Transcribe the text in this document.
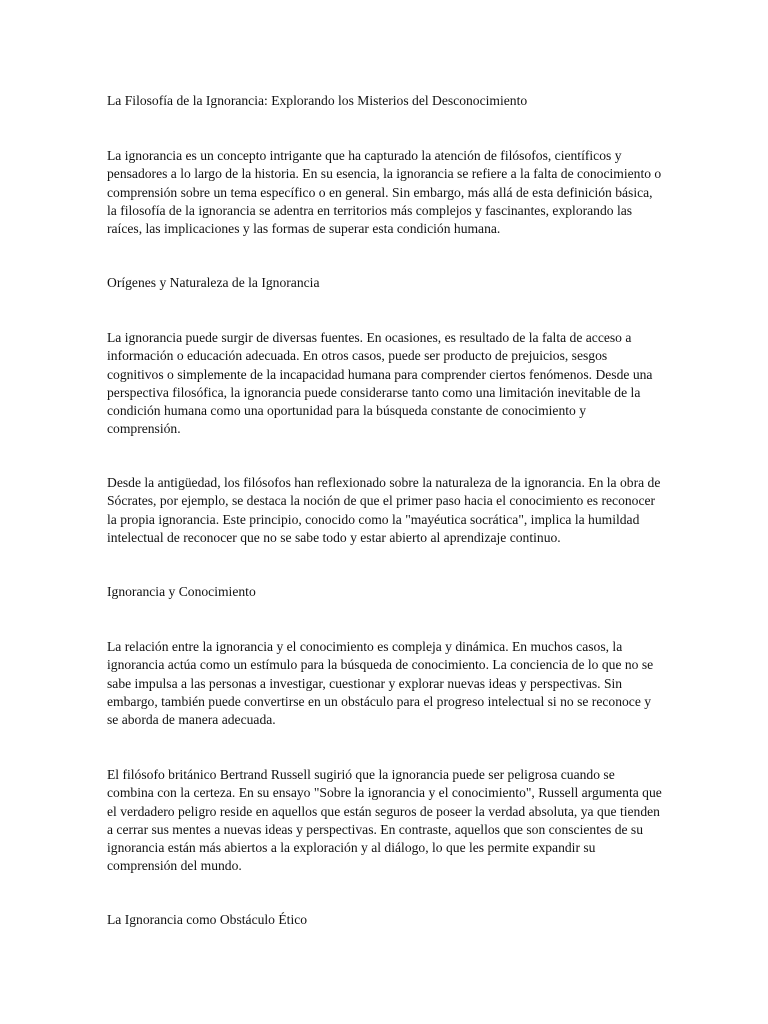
La Filosofía de la Ignorancia: Explorando los Misterios del Desconocimiento

La ignorancia es un concepto intrigante que ha capturado la atención de filósofos, científicos y pensadores a lo largo de la historia. En su esencia, la ignorancia se refiere a la falta de conocimiento o comprensión sobre un tema específico o en general. Sin embargo, más allá de esta definición básica, la filosofía de la ignorancia se adentra en territorios más complejos y fascinantes, explorando las raíces, las implicaciones y las formas de superar esta condición humana.

Orígenes y Naturaleza de la Ignorancia

La ignorancia puede surgir de diversas fuentes. En ocasiones, es resultado de la falta de acceso a información o educación adecuada. En otros casos, puede ser producto de prejuicios, sesgos cognitivos o simplemente de la incapacidad humana para comprender ciertos fenómenos. Desde una perspectiva filosófica, la ignorancia puede considerarse tanto como una limitación inevitable de la condición humana como una oportunidad para la búsqueda constante de conocimiento y comprensión.

Desde la antigüedad, los filósofos han reflexionado sobre la naturaleza de la ignorancia. En la obra de Sócrates, por ejemplo, se destaca la noción de que el primer paso hacia el conocimiento es reconocer la propia ignorancia. Este principio, conocido como la "mayéutica socrática", implica la humildad intelectual de reconocer que no se sabe todo y estar abierto al aprendizaje continuo.

Ignorancia y Conocimiento

La relación entre la ignorancia y el conocimiento es compleja y dinámica. En muchos casos, la ignorancia actúa como un estímulo para la búsqueda de conocimiento. La conciencia de lo que no se sabe impulsa a las personas a investigar, cuestionar y explorar nuevas ideas y perspectivas. Sin embargo, también puede convertirse en un obstáculo para el progreso intelectual si no se reconoce y se aborda de manera adecuada.

El filósofo británico Bertrand Russell sugirió que la ignorancia puede ser peligrosa cuando se combina con la certeza. En su ensayo "Sobre la ignorancia y el conocimiento", Russell argumenta que el verdadero peligro reside en aquellos que están seguros de poseer la verdad absoluta, ya que tienden a cerrar sus mentes a nuevas ideas y perspectivas. En contraste, aquellos que son conscientes de su ignorancia están más abiertos a la exploración y al diálogo, lo que les permite expandir su comprensión del mundo.

La Ignorancia como Obstáculo Ético
